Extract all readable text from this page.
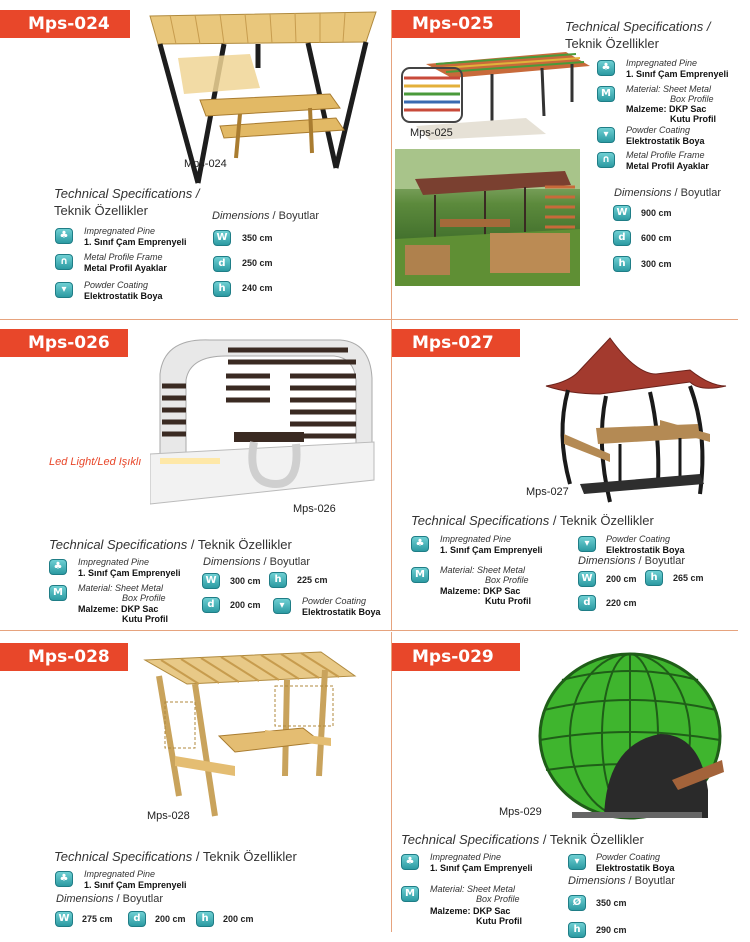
Mps-024
Mps-024
Technical Specifications /
Teknik Özellikler
♣	Impregnated Pine
1. Sınıf Çam Emprenyeli
∩	Metal Profile Frame
Metal Profil Ayaklar
▾	Powder Coating
Elektrostatik Boya
Dimensions / Boyutlar
W	350 cm
d	250 cm
h	240 cm
Mps-025
Mps-025
Technical Specifications /
Teknik Özellikler
♣	Impregnated Pine
1. Sınıf Çam Emprenyeli
M	Material: Sheet Metal
Box Profile
Malzeme: DKP Sac
Kutu Profil
▾	Powder Coating
Elektrostatik Boya
∩	Metal Profile Frame
Metal Profil Ayaklar
Dimensions / Boyutlar
W	900 cm
d	600 cm
h	300 cm
Mps-026
Led Light/Led Işıklı
Mps-026
Technical Specifications / Teknik Özellikler
♣	Impregnated Pine
1. Sınıf Çam Emprenyeli
M	Material: Sheet Metal
Box Profile
Malzeme: DKP Sac
Kutu Profil
Dimensions / Boyutlar
W	300 cm	h	225 cm
d	200 cm	▾	Powder Coating
Elektrostatik Boya
Mps-027
Mps-027
Technical Specifications / Teknik Özellikler
♣	Impregnated Pine
1. Sınıf Çam Emprenyeli
M	Material: Sheet Metal
Box Profile
Malzeme: DKP Sac
Kutu Profil
▾	Powder Coating
Elektrostatik Boya
Dimensions / Boyutlar
W	200 cm	h	265 cm
d	220 cm
Mps-028
Mps-028
Technical Specifications / Teknik Özellikler
♣	Impregnated Pine
1. Sınıf Çam Emprenyeli
Dimensions / Boyutlar
W	275 cm	d	200 cm	h	200 cm
Mps-029
Mps-029
Technical Specifications / Teknik Özellikler
♣	Impregnated Pine
1. Sınıf Çam Emprenyeli
M	Material: Sheet Metal
Box Profile
Malzeme: DKP Sac
Kutu Profil
▾	Powder Coating
Elektrostatik Boya
Dimensions / Boyutlar
Ø	350 cm
h	290 cm
